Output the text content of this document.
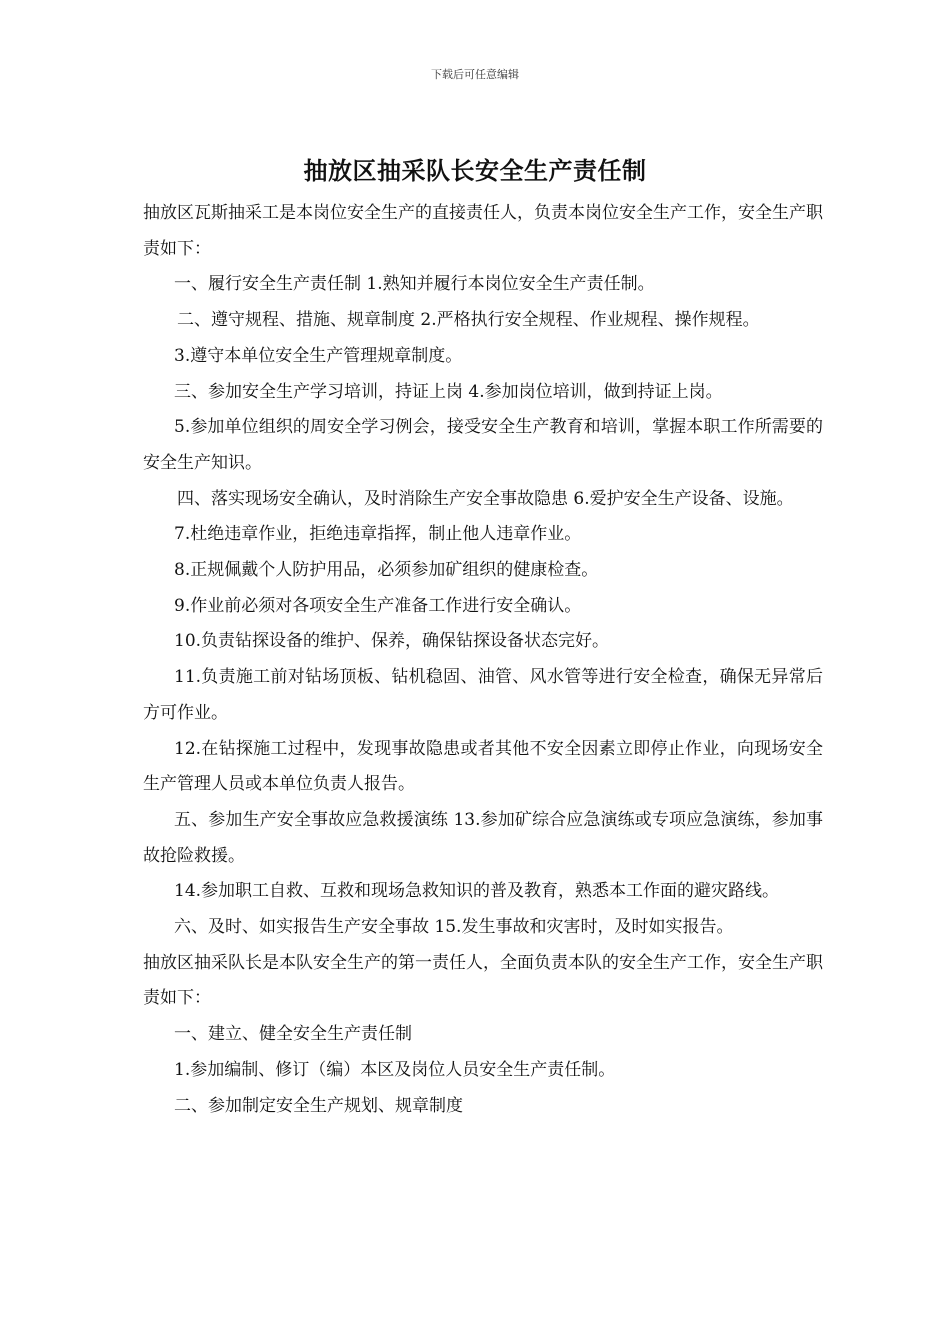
下载后可任意编辑
抽放区抽采队长安全生产责任制

抽放区瓦斯抽采工是本岗位安全生产的直接责任人，负责本岗位安全生产工作，安全生产职责如下：

一、履行安全生产责任制 1.熟知并履行本岗位安全生产责任制。

二、遵守规程、措施、规章制度 2.严格执行安全规程、作业规程、操作规程。

3.遵守本单位安全生产管理规章制度。

三、参加安全生产学习培训，持证上岗 4.参加岗位培训，做到持证上岗。

5.参加单位组织的周安全学习例会，接受安全生产教育和培训，掌握本职工作所需要的安全生产知识。

四、落实现场安全确认，及时消除生产安全事故隐患 6.爱护安全生产设备、设施。

7.杜绝违章作业，拒绝违章指挥，制止他人违章作业。

8.正规佩戴个人防护用品，必须参加矿组织的健康检查。

9.作业前必须对各项安全生产准备工作进行安全确认。

10.负责钻探设备的维护、保养，确保钻探设备状态完好。

11.负责施工前对钻场顶板、钻机稳固、油管、风水管等进行安全检查，确保无异常后方可作业。

12.在钻探施工过程中，发现事故隐患或者其他不安全因素立即停止作业，向现场安全生产管理人员或本单位负责人报告。

五、参加生产安全事故应急救援演练 13.参加矿综合应急演练或专项应急演练，参加事故抢险救援。

14.参加职工自救、互救和现场急救知识的普及教育，熟悉本工作面的避灾路线。

六、及时、如实报告生产安全事故 15.发生事故和灾害时，及时如实报告。

抽放区抽采队长是本队安全生产的第一责任人，全面负责本队的安全生产工作，安全生产职责如下：

一、建立、健全安全生产责任制

1.参加编制、修订（编）本区及岗位人员安全生产责任制。

二、参加制定安全生产规划、规章制度
